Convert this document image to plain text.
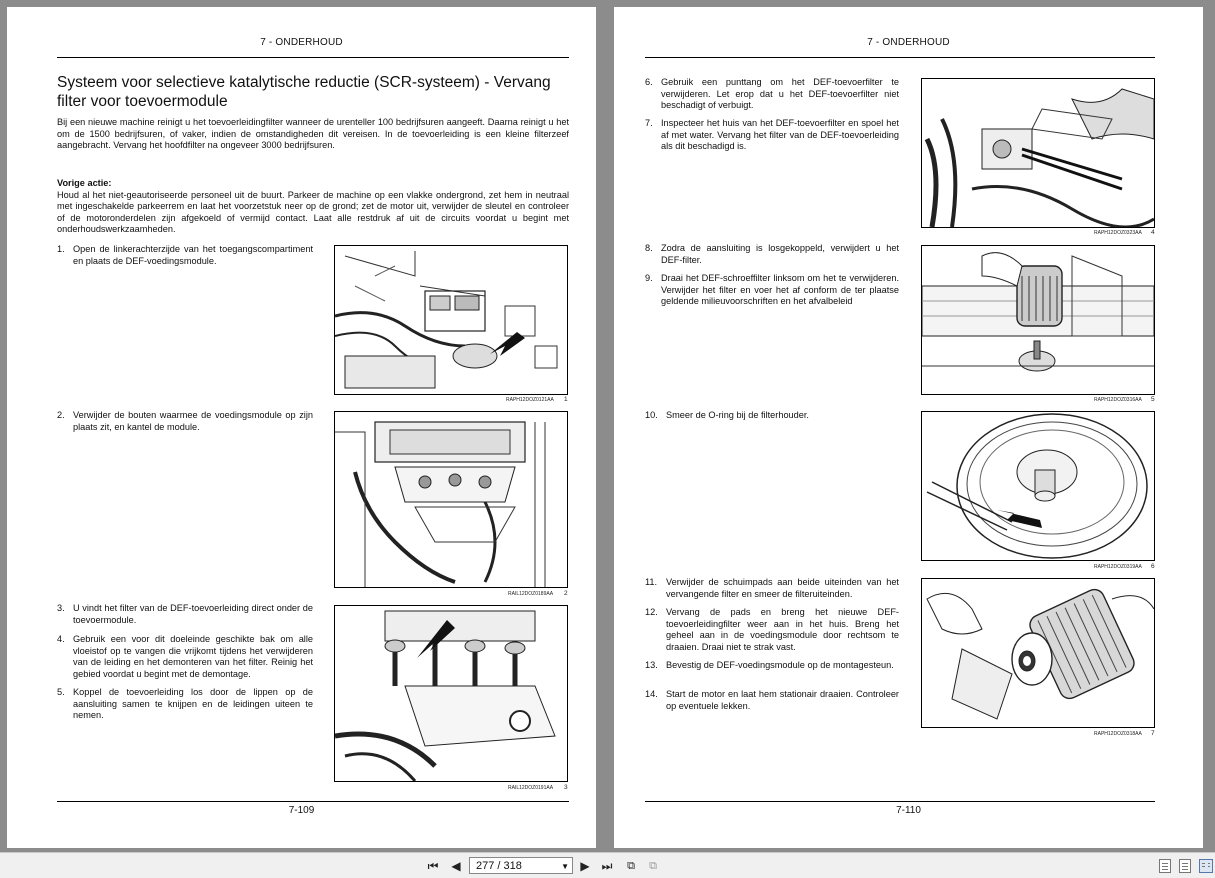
7 - ONDERHOUD
Systeem voor selectieve katalytische reductie (SCR-systeem) - Vervang filter voor toevoermodule
Bij een nieuwe machine reinigt u het toevoerleidingfilter wanneer de urenteller 100 bedrijfsuren aangeeft. Daarna reinigt u het om de 1500 bedrijfsuren, of vaker, indien de omstandigheden dit vereisen. In de toevoerleiding is een kleine filterzeef aangebracht. Vervang het hoofdfilter na ongeveer 3000 bedrijfsuren.
Vorige actie:
Houd al het niet-geautoriseerde personeel uit de buurt. Parkeer de machine op een vlakke ondergrond, zet hem in neutraal met ingeschakelde parkeerrem en laat het voorzetstuk neer op de grond; zet de motor uit, verwijder de sleutel en controleer of de motoronderdelen zijn afgekoeld of vermijd contact. Laat alle restdruk af uit de circuits voordat u begint met onderhoudswerkzaamheden.
1. Open de linkerachterzijde van het toegangscompartiment en plaats de DEF-voedingsmodule.
2. Verwijder de bouten waarmee de voedingsmodule op zijn plaats zit, en kantel de module.
3. U vindt het filter van de DEF-toevoerleiding direct onder de toevoermodule.
4. Gebruik een voor dit doeleinde geschikte bak om alle vloeistof op te vangen die vrijkomt tijdens het verwijderen van de leiding en het demonteren van het filter. Reinig het gebied voordat u begint met de demontage.
5. Koppel de toevoerleiding los door de lippen op de aansluiting samen te knijpen en de leidingen uiteen te nemen.
RAPH12DOZ0121AA 1
RAIL12DOZ0189AA 2
RAIL12DOZ0191AA 3
7-109
7 - ONDERHOUD
6. Gebruik een punttang om het DEF-toevoerfilter te verwijderen. Let erop dat u het DEF-toevoerfilter niet beschadigt of verbuigt.
7. Inspecteer het huis van het DEF-toevoerfilter en spoel het af met water. Vervang het filter van de DEF-toevoerleiding als dit beschadigd is.
8. Zodra de aansluiting is losgekoppeld, verwijdert u het DEF-filter.
9. Draai het DEF-schroeffilter linksom om het te verwijderen. Verwijder het filter en voer het af conform de ter plaatse geldende milieuvoorschriften en het afvalbeleid
10. Smeer de O-ring bij de filterhouder.
11. Verwijder de schuimpads aan beide uiteinden van het vervangende filter en smeer de filteruiteinden.
12. Vervang de pads en breng het nieuwe DEF-toevoerleidingfilter weer aan in het huis. Breng het geheel aan in de voedingsmodule door rechtsom te draaien. Draai niet te strak vast.
13. Bevestig de DEF-voedingsmodule op de montagesteun.
14. Start de motor en laat hem stationair draaien. Controleer op eventuele lekken.
RAPH12DOZ0323AA 4
RAPH12DOZ0316AA 5
RAPH12DOZ0319AA 6
RAPH12DOZ0318AA 7
7-110
⏮ ◀	277 / 318	▼ ▶ ⏭ ⧉ ⧉
